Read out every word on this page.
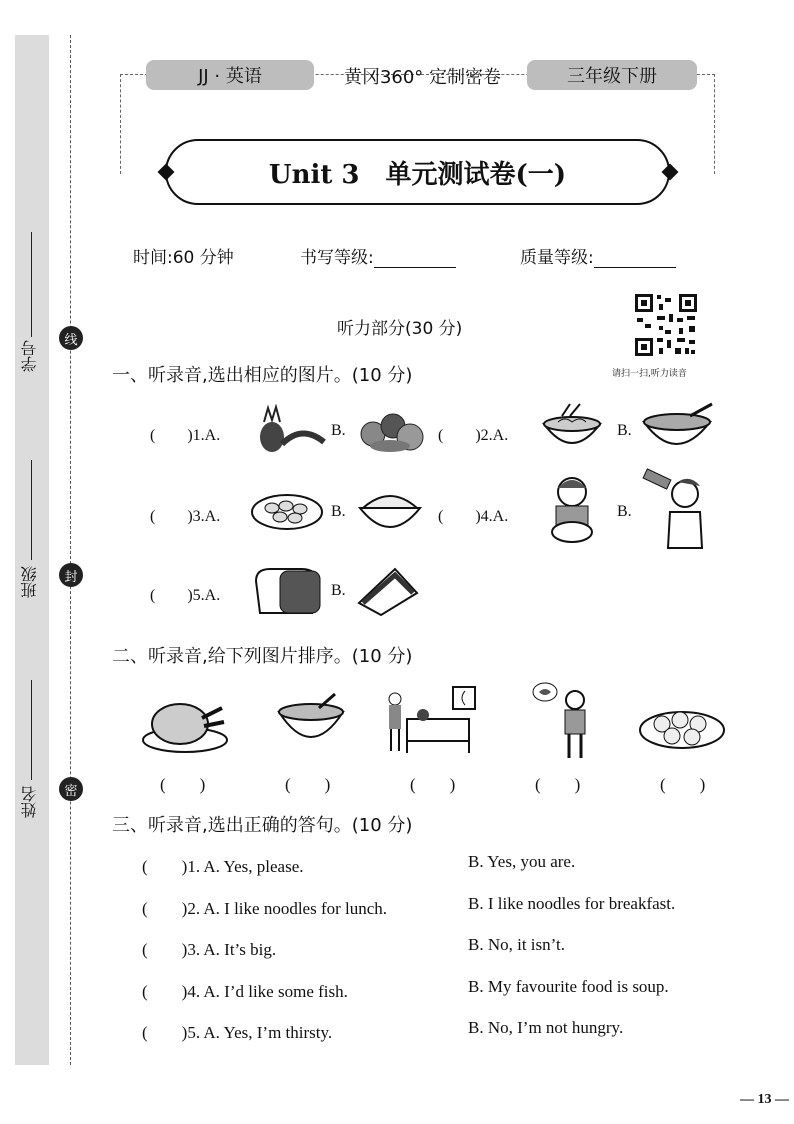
学号
班级
姓名
线
封
密
JJ · 英语	黄冈360° 定制密卷	三年级下册
Unit 3　单元测试卷(一)
时间:60 分钟	书写等级:	质量等级:
听力部分(30 分)
请扫一扫,听力读音
一、听录音,选出相应的图片。(10 分)
(　　)1.A.	B.	(　　)2.A.	B.
(　　)3.A.	B.	(　　)4.A.	B.
(　　)5.A.	B.
二、听录音,给下列图片排序。(10 分)
(　　)	(　　)	(　　)	(　　)	(　　)
三、听录音,选出正确的答句。(10 分)
(　　)1. A. Yes, please.	B. Yes, you are.
(　　)2. A. I like noodles for lunch.	B. I like noodles for breakfast.
(　　)3. A. It’s big.	B. No, it isn’t.
(　　)4. A. I’d like some fish.	B. My favourite food is soup.
(　　)5. A. Yes, I’m thirsty.	B. No, I’m not hungry.
— 13 —
